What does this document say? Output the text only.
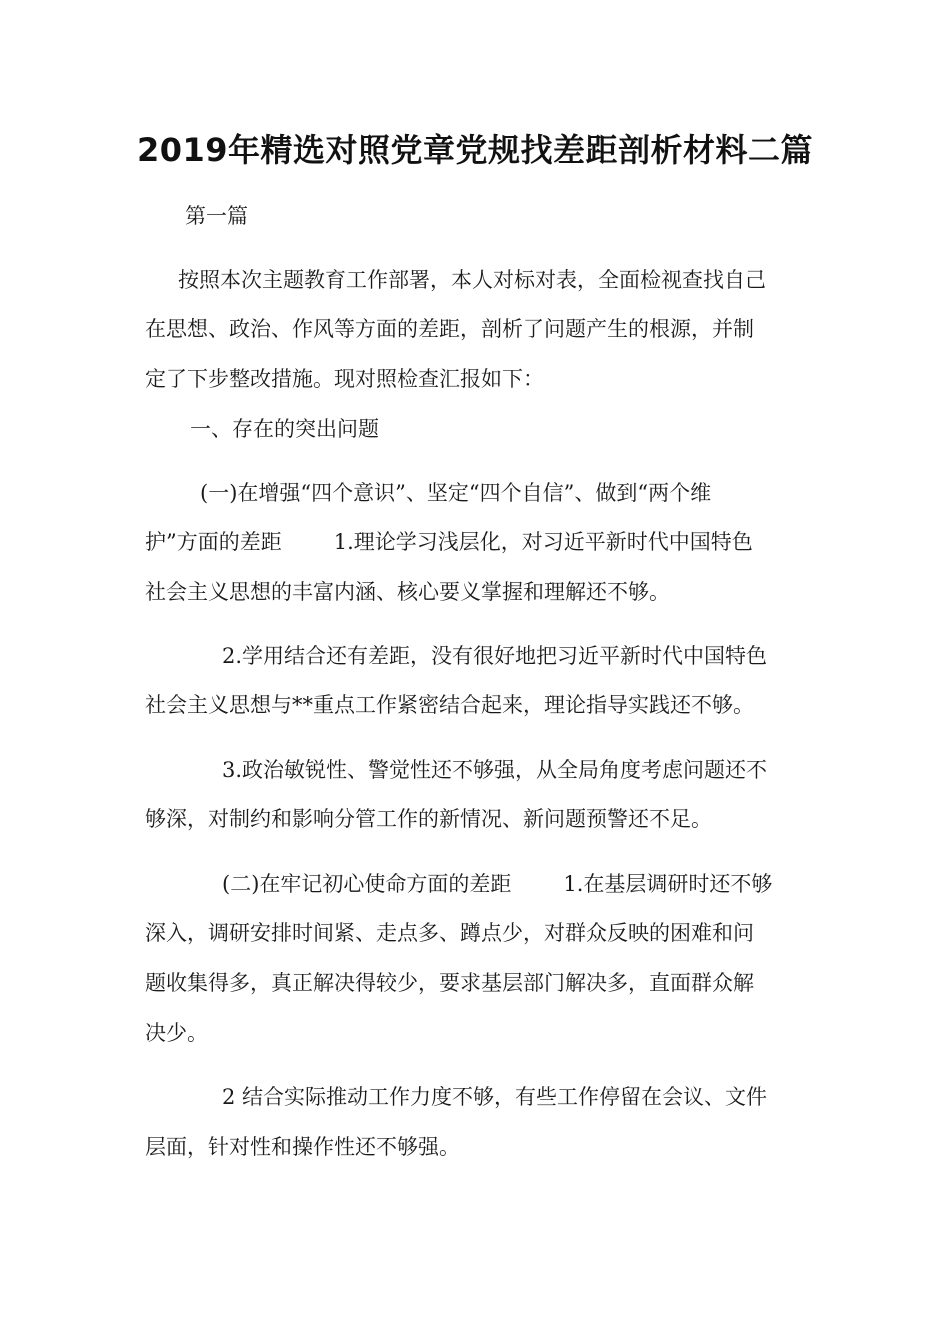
2019年精选对照党章党规找差距剖析材料二篇
第一篇
按照本次主题教育工作部署，本人对标对表，全面检视查找自己
在思想、政治、作风等方面的差距，剖析了问题产生的根源，并制
定了下步整改措施。现对照检查汇报如下：
一、存在的突出问题
(一)在增强“四个意识”、坚定“四个自信”、做到“两个维
护”方面的差距 1.理论学习浅层化，对习近平新时代中国特色
社会主义思想的丰富内涵、核心要义掌握和理解还不够。
2.学用结合还有差距，没有很好地把习近平新时代中国特色
社会主义思想与**重点工作紧密结合起来，理论指导实践还不够。
3.政治敏锐性、警觉性还不够强，从全局角度考虑问题还不
够深，对制约和影响分管工作的新情况、新问题预警还不足。
(二)在牢记初心使命方面的差距 1.在基层调研时还不够
深入，调研安排时间紧、走点多、蹲点少，对群众反映的困难和问
题收集得多，真正解决得较少，要求基层部门解决多，直面群众解
决少。
2 结合实际推动工作力度不够，有些工作停留在会议、文件
层面，针对性和操作性还不够强。
